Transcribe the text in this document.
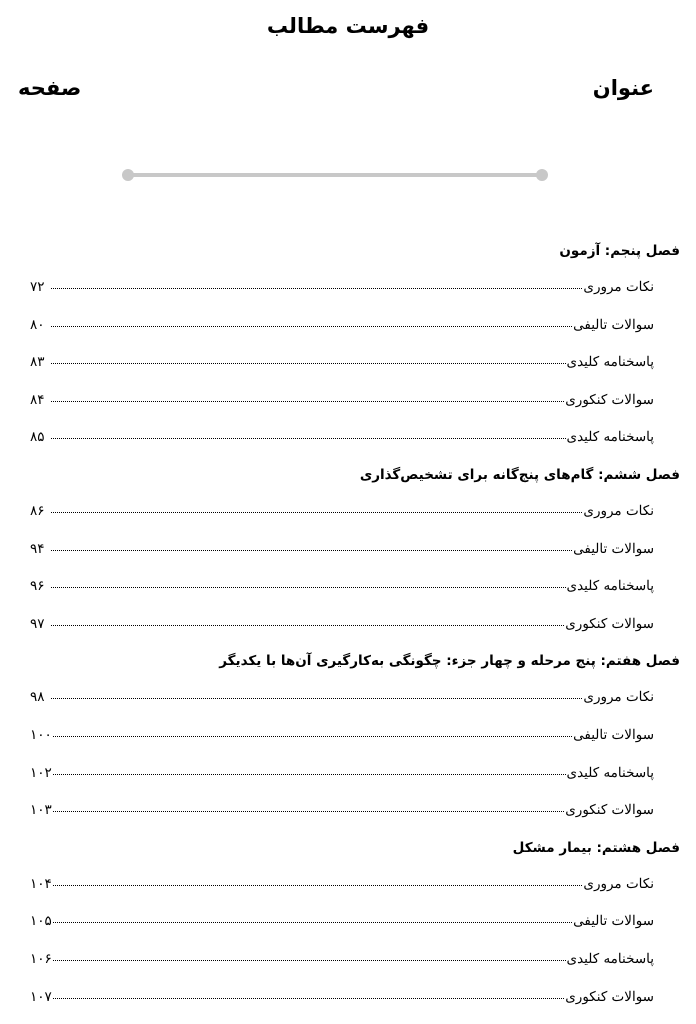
فهرست مطالب
عنوان
صفحه
فصل پنجم: آزمون
نکات مروری
۷۲
سوالات تالیفی
۸۰
پاسخنامه کلیدی
۸۳
سوالات کنکوری
۸۴
پاسخنامه کلیدی
۸۵
فصل ششم: گام‌های پنج‌گانه برای تشخیص‌گذاری
نکات مروری
۸۶
سوالات تالیفی
۹۴
پاسخنامه کلیدی
۹۶
سوالات کنکوری
۹۷
فصل هفتم: پنج مرحله و چهار جزء: چگونگی به‌کارگیری آن‌ها با یکدیگر
نکات مروری
۹۸
سوالات تالیفی
۱۰۰
پاسخنامه کلیدی
۱۰۲
سوالات کنکوری
۱۰۳
فصل هشتم: بیمار مشکل
نکات مروری
۱۰۴
سوالات تالیفی
۱۰۵
پاسخنامه کلیدی
۱۰۶
سوالات کنکوری
۱۰۷
